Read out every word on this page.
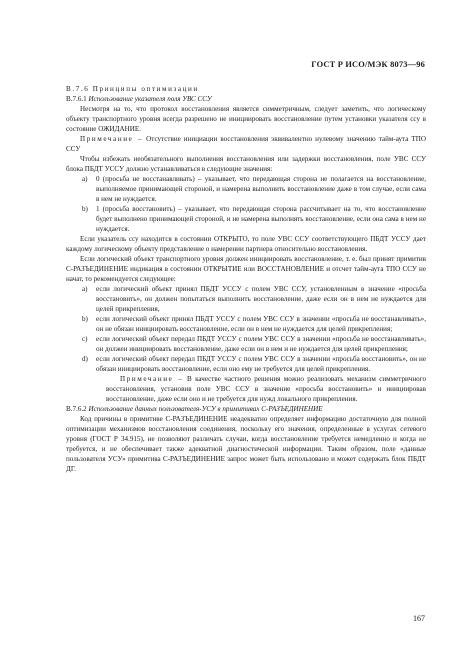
ГОСТ Р ИСО/МЭК 8073—96

В.7.6 Принципы оптимизации

В.7.6.1 Использование указателя поля УВС ССУ

Несмотря на то, что протокол восстановления является симметричным, следует заметить, что логическому объекту транспортного уровня всегда разрешено не инициировать восстановление путем установки указателя ссу в состояние ОЖИДАНИЕ.

Примечание – Отсутствие инициации восстановления эквивалентно нулевому значению тайм-аута ТПО ССУ

Чтобы избежать необязательного выполнения восстановления или задержки восстановления, поле УВС ССУ блока ПБДТ УССУ должно устанавливаться в следующие значения:

а)	0 (просьба не восстанавливать) – указывает, что передающая сторона не полагается на восстановление, выполняемое принимающей стороной, и намерена выполнить восстановление даже в том случае, если сама в нем не нуждается.
b)	1 (просьба восстановить) – указывает, что передающая сторона рассчитывает на то, что восстановление будет выполнено принимающей стороной, и не намерена выполнять восстановление, если она сама в нем не нуждается.

Если указатель ссу находится в состоянии ОТКРЫТО, то поле УВС ССУ соответствующего ПБДТ УССУ дает каждому логическому объекту представление о намерении партнера относительно восстановления.

Если логический объект транспортного уровня должен инициировать восстановление, т. е. был принят примитив С-РАЗЪЕДИНЕНИЕ индикация в состоянии ОТКРЫТИЕ или ВОССТАНОВЛЕНИЕ и отсчет тайм-аута ТПО ССУ не начат, то рекомендуется следующее:

а)	если логический объект принял ПБДТ УССУ с полем УВС ССУ, установленным в значение «просьба восстановить», он должен попытаться выполнить восстановление, даже если он в нем не нуждается для целей прикрепления,
b)	если логический объект принял ПБДТ УССУ с полем УВС ССУ в значении «просьба не восстанавливать», он не обязан инициировать восстановление, если он в нем не нуждается для целей прикрепления;
с)	если логический объект передал ПБДТ УССУ с полем УВС ССУ в значении «просьба не восстанавливать», он должен инициировать восстановление, даже если он в нем и не нуждается для целей прикрепления;
d)	если логический объект передал ПБДТ УССУ с полем УВС ССУ в значении «просьба восстановить», он не обязан инициировать восстановление, если оно ему не требуется для целей прикрепления.

Примечание – В качестве частного решения можно реализовать механизм симметричного восстановления, установив поле УВС ССУ в значение «просьба восстановить» и инициировав восстановление, даже если оно и не требуется для нужд локального прикрепления.

В.7.6.2 Использование данных пользователя-УСУ в примитивах С-РАЗЪЕДИНЕНИЕ

Код причины в примитиве С-РАЗЪЕДИНЕНИЕ неадекватно определяет информацию достаточную для полной оптимизации механизмов восстановления соединения, поскольку его значения, определенные в услугах сетевого уровня (ГОСТ Р 34.915), не позволяют различать случаи, когда восстановление требуется немедленно и когда не требуется, и не обеспечивает также адекватной диагностической информации. Таким образом, поле «данные пользователя УСУ» примитива С-РАЗЪЕДИНЕНИЕ запрос может быть использовано и может содержать блок ПБДТ ДГ.

167
